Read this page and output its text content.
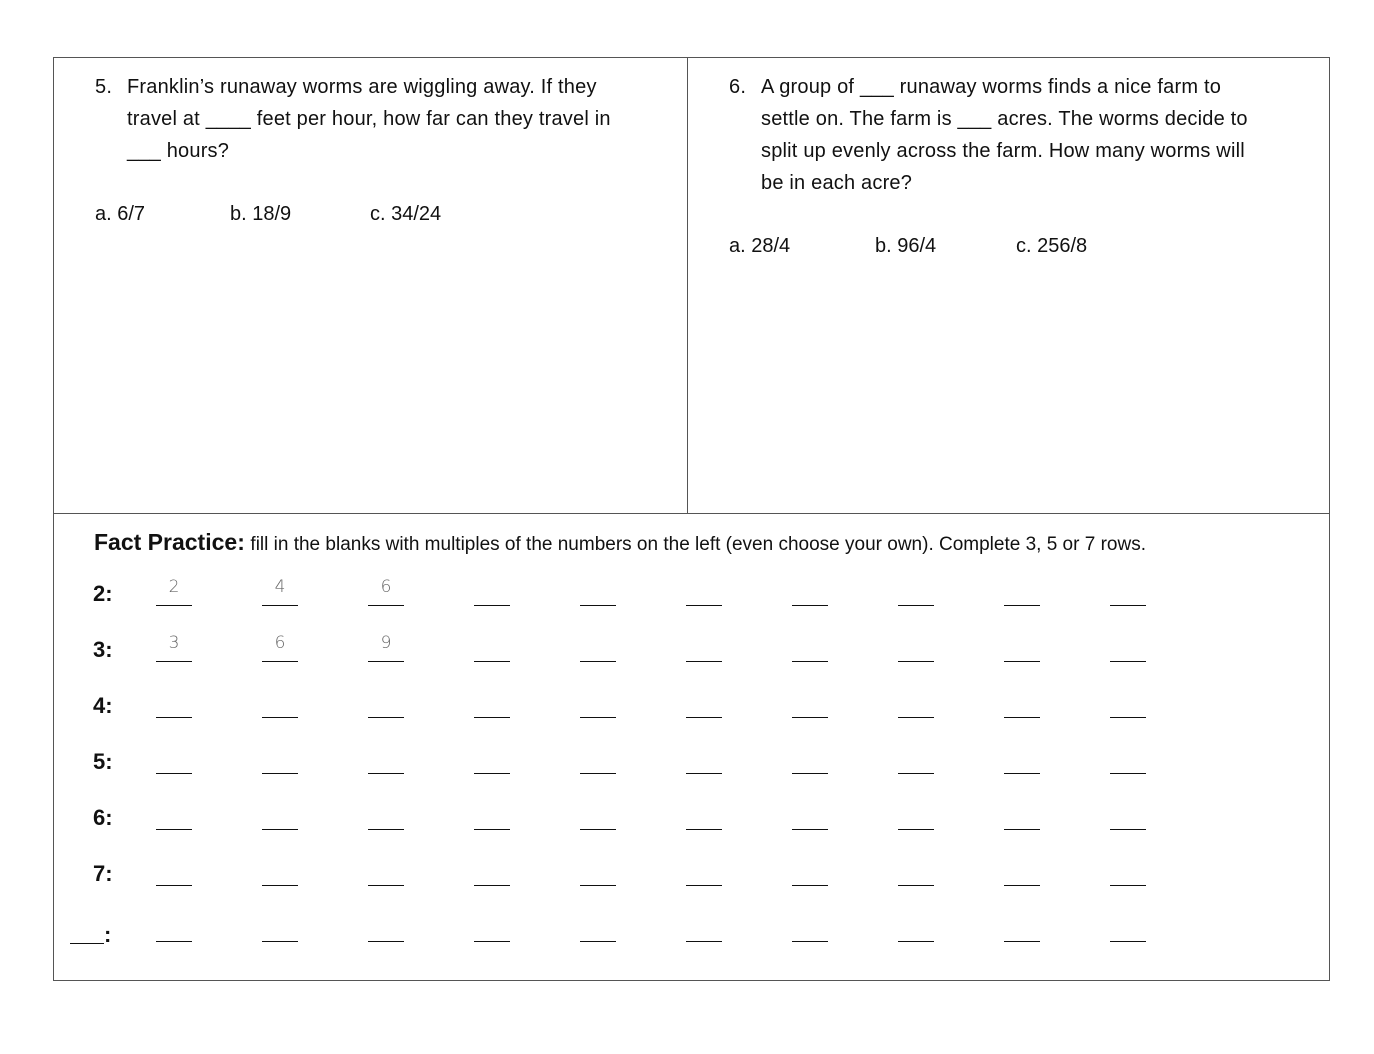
5. Franklin’s runaway worms are wiggling away. If they
travel at ____ feet per hour, how far can they travel in
___ hours?
a. 6/7	b. 18/9	c. 34/24
6. A group of ___ runaway worms finds a nice farm to
settle on. The farm is ___ acres. The worms decide to
split up evenly across the farm. How many worms will
be in each acre?
a. 28/4	b. 96/4	c. 256/8
Fact Practice: fill in the blanks with multiples of the numbers on the left (even choose your own). Complete 3, 5 or 7 rows.
2:	2	4	6
3:	3	6	9
4:
5:
6:
7:
:
